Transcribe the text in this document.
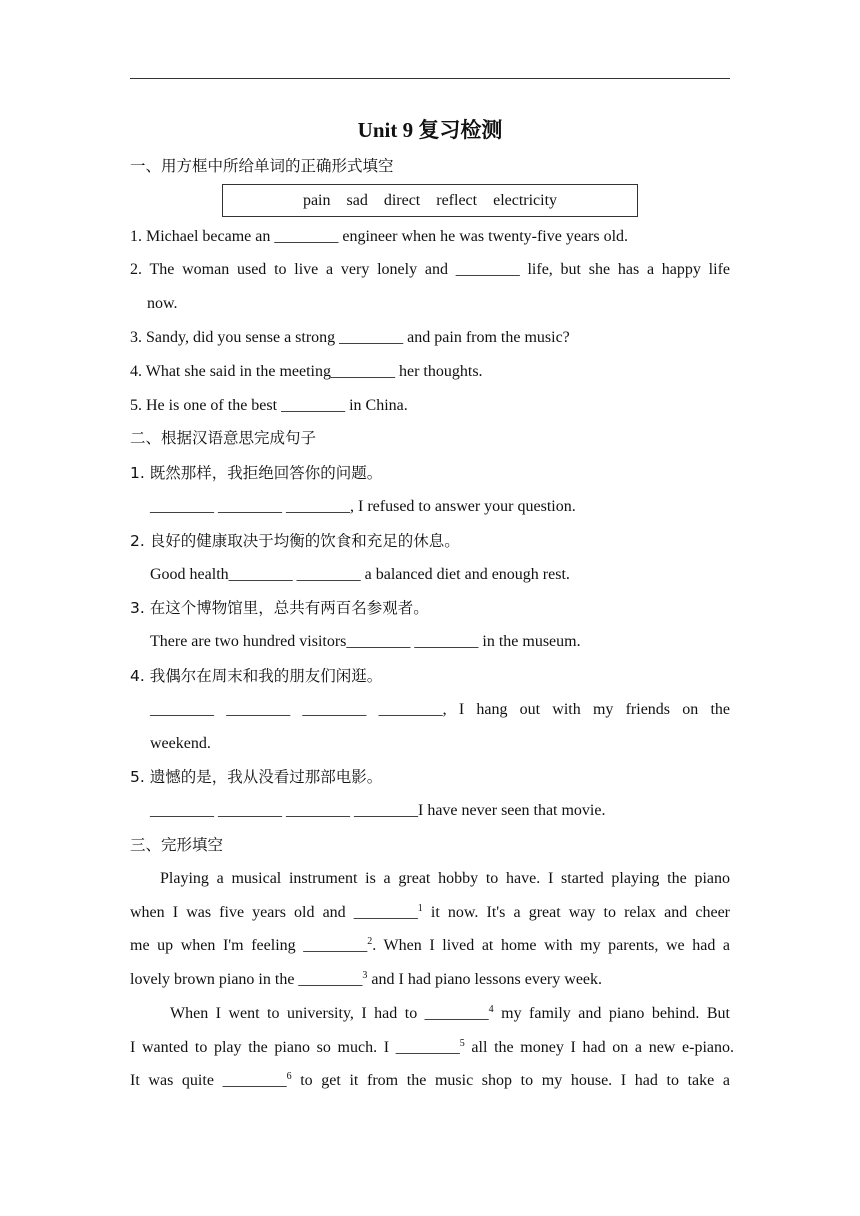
Unit 9 复习检测
一、用方框中所给单词的正确形式填空
pain sad direct reflect electricity
1. Michael became an ________ engineer when he was twenty-five years old.
2. The woman used to live a very lonely and ________ life, but she has a happy life
now.
3. Sandy, did you sense a strong ________ and pain from the music?
4. What she said in the meeting________ her thoughts.
5. He is one of the best ________ in China.
二、根据汉语意思完成句子
1. 既然那样，我拒绝回答你的问题。
________ ________ ________, I refused to answer your question.
2. 良好的健康取决于均衡的饮食和充足的休息。
Good health________ ________ a balanced diet and enough rest.
3. 在这个博物馆里，总共有两百名参观者。
There are two hundred visitors________ ________ in the museum.
4. 我偶尔在周末和我的朋友们闲逛。
________ ________ ________ ________, I hang out with my friends on the
weekend.
5. 遗憾的是，我从没看过那部电影。
________ ________ ________ ________I have never seen that movie.
三、完形填空
Playing a musical instrument is a great hobby to have. I started playing the piano
when I was five years old and ________$^1$ it now. It's a great way to relax and cheer
me up when I'm feeling ________$^2$. When I lived at home with my parents, we had a
lovely brown piano in the ________$^3$ and I had piano lessons every week.
When I went to university, I had to ________$^4$ my family and piano behind. But
I wanted to play the piano so much. I ________$^5$ all the money I had on a new e-piano.
It was quite ________$^6$ to get it from the music shop to my house. I had to take a
